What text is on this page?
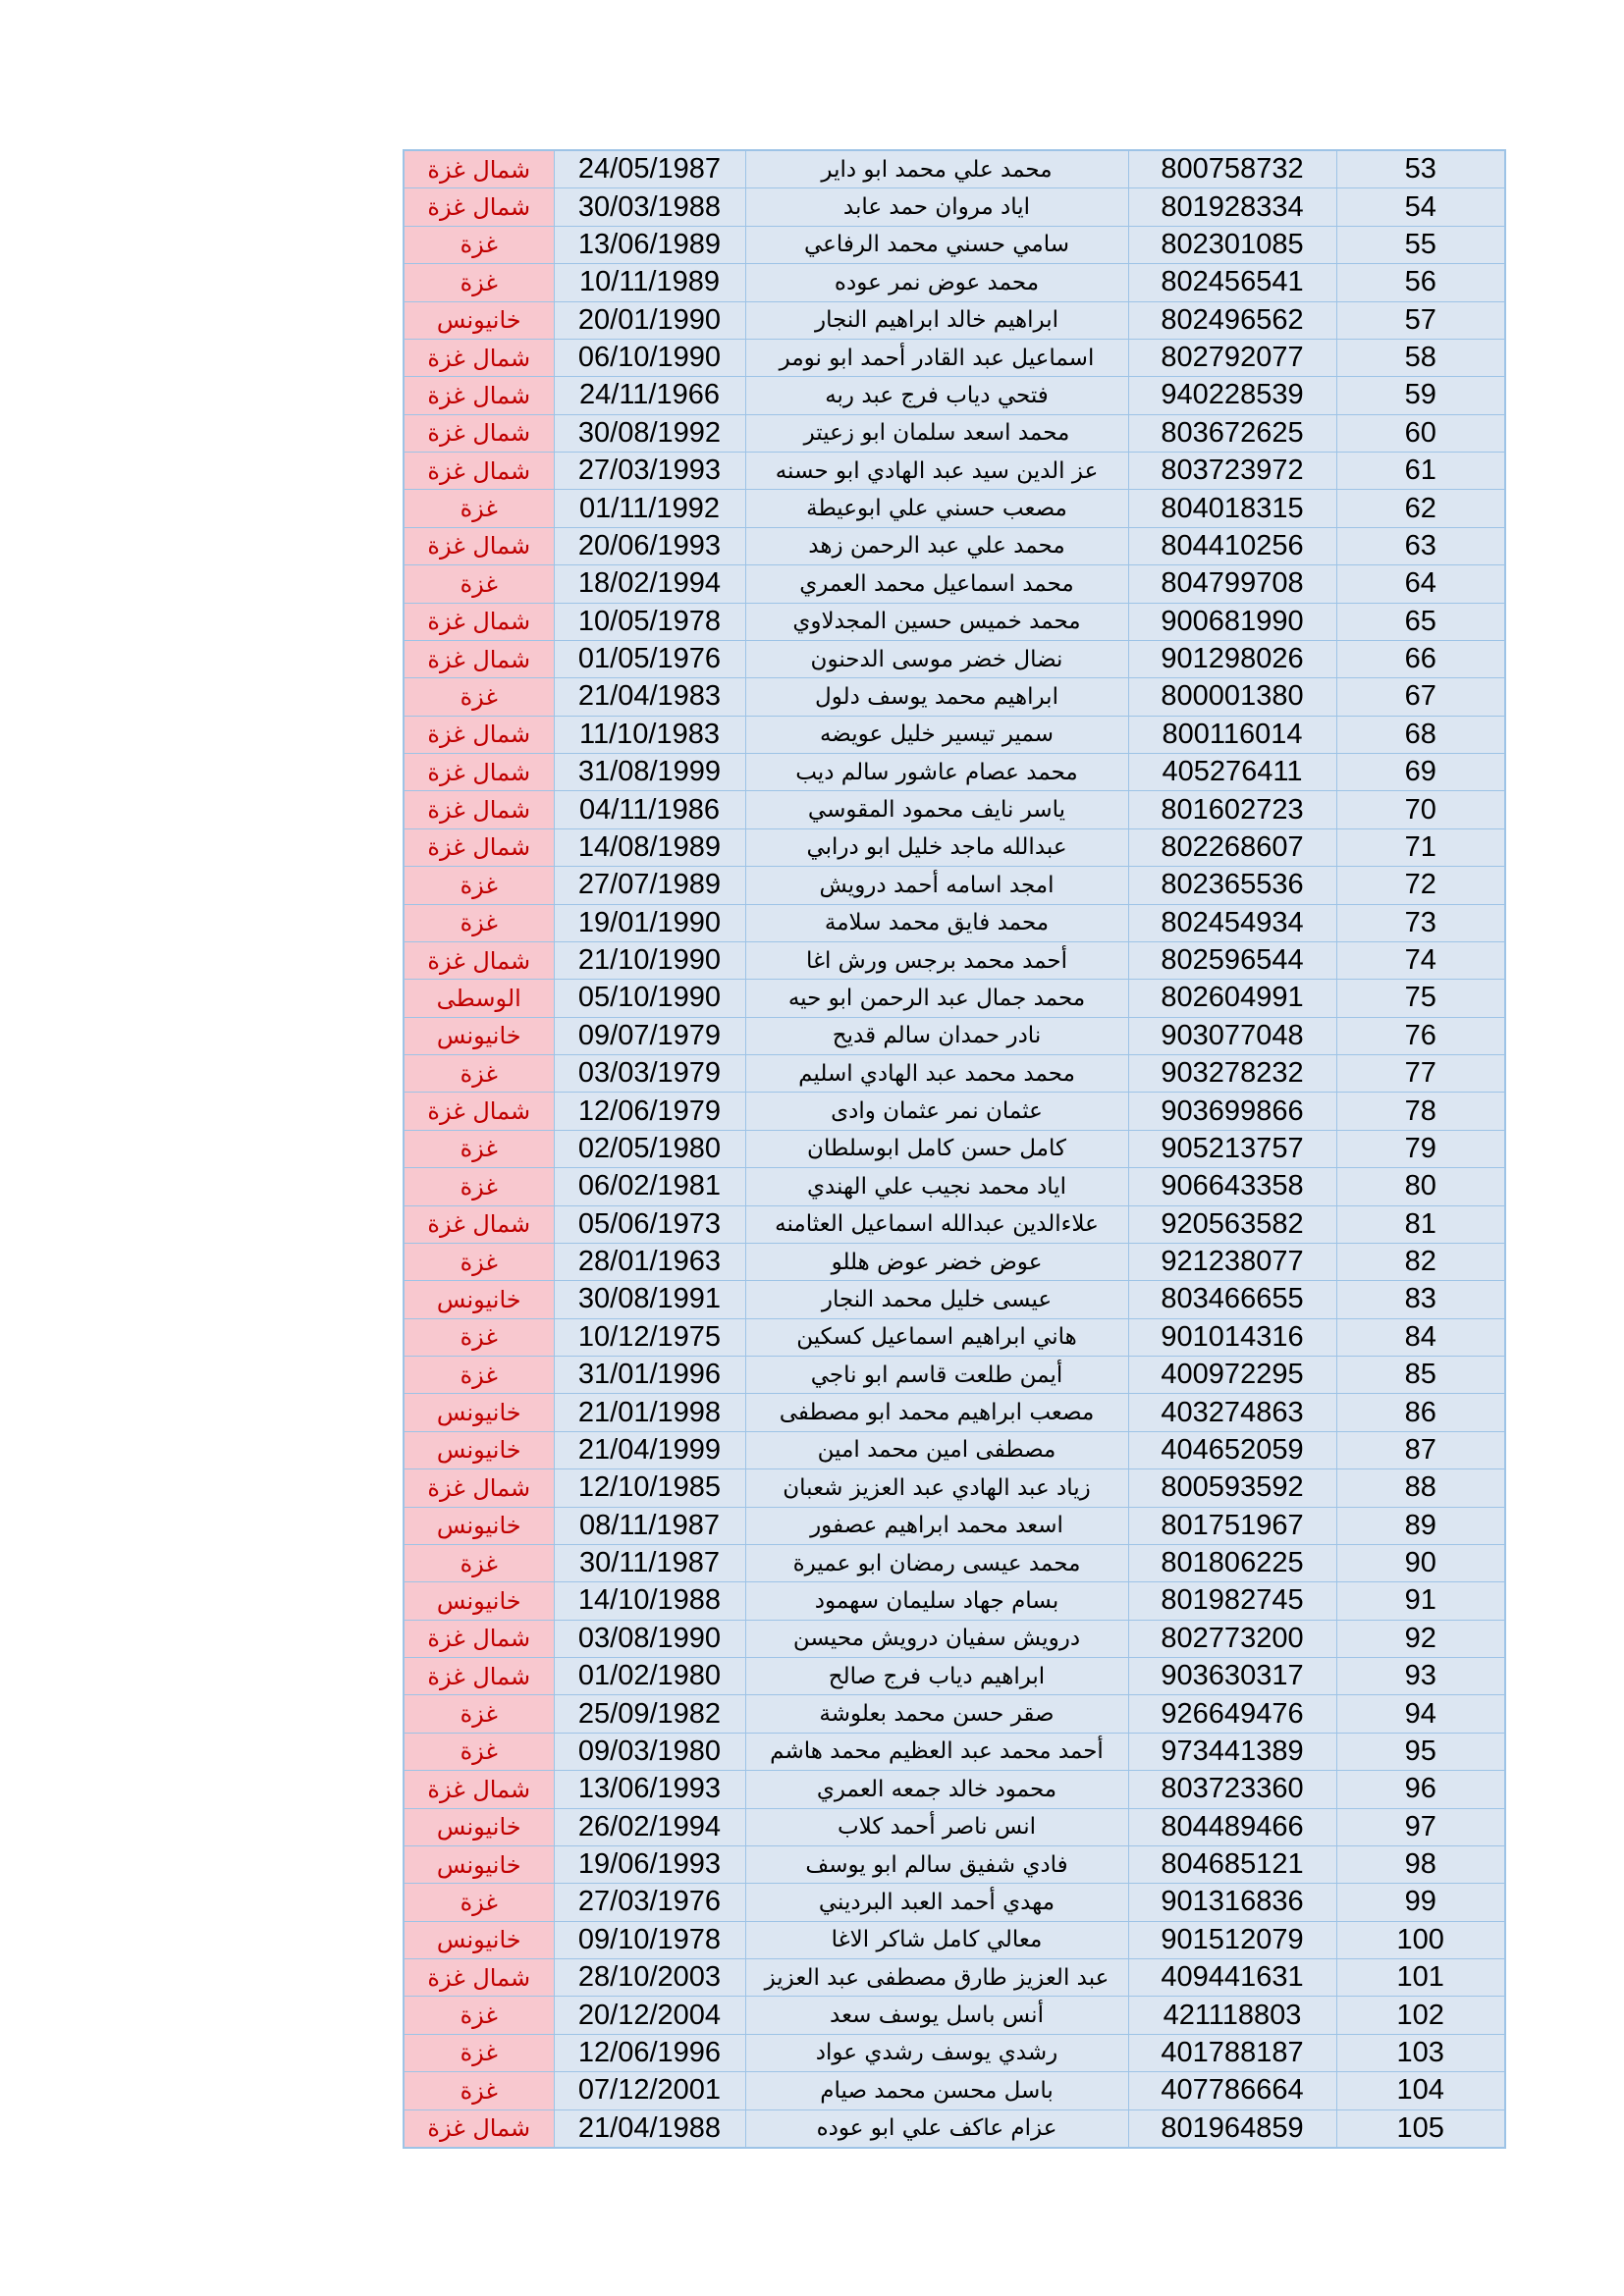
شمال غزة	24/05/1987	محمد علي محمد ابو داير	800758732	53
شمال غزة	30/03/1988	اياد مروان حمد عابد	801928334	54
غزة	13/06/1989	سامي حسني محمد الرفاعي	802301085	55
غزة	10/11/1989	محمد عوض نمر عوده	802456541	56
خانيونس	20/01/1990	ابراهيم خالد ابراهيم النجار	802496562	57
شمال غزة	06/10/1990	اسماعيل عبد القادر أحمد ابو نومر	802792077	58
شمال غزة	24/11/1966	فتحي دياب فرج عبد ربه	940228539	59
شمال غزة	30/08/1992	محمد اسعد سلمان ابو زعيتر	803672625	60
شمال غزة	27/03/1993	عز الدين سيد عبد الهادي ابو حسنه	803723972	61
غزة	01/11/1992	مصعب حسني علي ابوعيطة	804018315	62
شمال غزة	20/06/1993	محمد علي عبد الرحمن زهد	804410256	63
غزة	18/02/1994	محمد اسماعيل محمد العمري	804799708	64
شمال غزة	10/05/1978	محمد خميس حسين المجدلاوي	900681990	65
شمال غزة	01/05/1976	نضال خضر موسى الدحنون	901298026	66
غزة	21/04/1983	ابراهيم محمد يوسف دلول	800001380	67
شمال غزة	11/10/1983	سمير تيسير خليل عويضه	800116014	68
شمال غزة	31/08/1999	محمد عصام عاشور سالم ديب	405276411	69
شمال غزة	04/11/1986	ياسر نايف محمود المقوسي	801602723	70
شمال غزة	14/08/1989	عبدالله ماجد خليل ابو درابي	802268607	71
غزة	27/07/1989	امجد اسامه أحمد درويش	802365536	72
غزة	19/01/1990	محمد فايق محمد سلامة	802454934	73
شمال غزة	21/10/1990	أحمد محمد برجس ورش اغا	802596544	74
الوسطى	05/10/1990	محمد جمال عبد الرحمن ابو حيه	802604991	75
خانيونس	09/07/1979	نادر حمدان سالم قديح	903077048	76
غزة	03/03/1979	محمد محمد عبد الهادي اسليم	903278232	77
شمال غزة	12/06/1979	عثمان نمر عثمان وادى	903699866	78
غزة	02/05/1980	كامل حسن كامل ابوسلطان	905213757	79
غزة	06/02/1981	اياد محمد نجيب علي الهندي	906643358	80
شمال غزة	05/06/1973	علاءالدين عبدالله اسماعيل العثامنه	920563582	81
غزة	28/01/1963	عوض خضر عوض هللو	921238077	82
خانيونس	30/08/1991	عيسى خليل محمد النجار	803466655	83
غزة	10/12/1975	هاني ابراهيم اسماعيل كسكين	901014316	84
غزة	31/01/1996	أيمن طلعت قاسم ابو ناجي	400972295	85
خانيونس	21/01/1998	مصعب ابراهيم محمد ابو مصطفى	403274863	86
خانيونس	21/04/1999	مصطفى امين محمد امين	404652059	87
شمال غزة	12/10/1985	زياد عبد الهادي عبد العزيز شعبان	800593592	88
خانيونس	08/11/1987	اسعد محمد ابراهيم عصفور	801751967	89
غزة	30/11/1987	محمد عيسى رمضان ابو عميرة	801806225	90
خانيونس	14/10/1988	بسام جهاد سليمان سهمود	801982745	91
شمال غزة	03/08/1990	درويش سفيان درويش محيسن	802773200	92
شمال غزة	01/02/1980	ابراهيم دياب فرج صالح	903630317	93
غزة	25/09/1982	صقر حسن محمد بعلوشة	926649476	94
غزة	09/03/1980	أحمد محمد عبد العظيم محمد هاشم	973441389	95
شمال غزة	13/06/1993	محمود خالد جمعه العمري	803723360	96
خانيونس	26/02/1994	انس ناصر أحمد كلاب	804489466	97
خانيونس	19/06/1993	فادي شفيق سالم ابو يوسف	804685121	98
غزة	27/03/1976	مهدي أحمد العبد البرديني	901316836	99
خانيونس	09/10/1978	معالي كامل شاكر الاغا	901512079	100
شمال غزة	28/10/2003	عبد العزيز طارق مصطفى عبد العزيز	409441631	101
غزة	20/12/2004	أنس باسل يوسف سعد	421118803	102
غزة	12/06/1996	رشدي يوسف رشدي عواد	401788187	103
غزة	07/12/2001	باسل محسن محمد صيام	407786664	104
شمال غزة	21/04/1988	عزام عاكف علي ابو عوده	801964859	105
